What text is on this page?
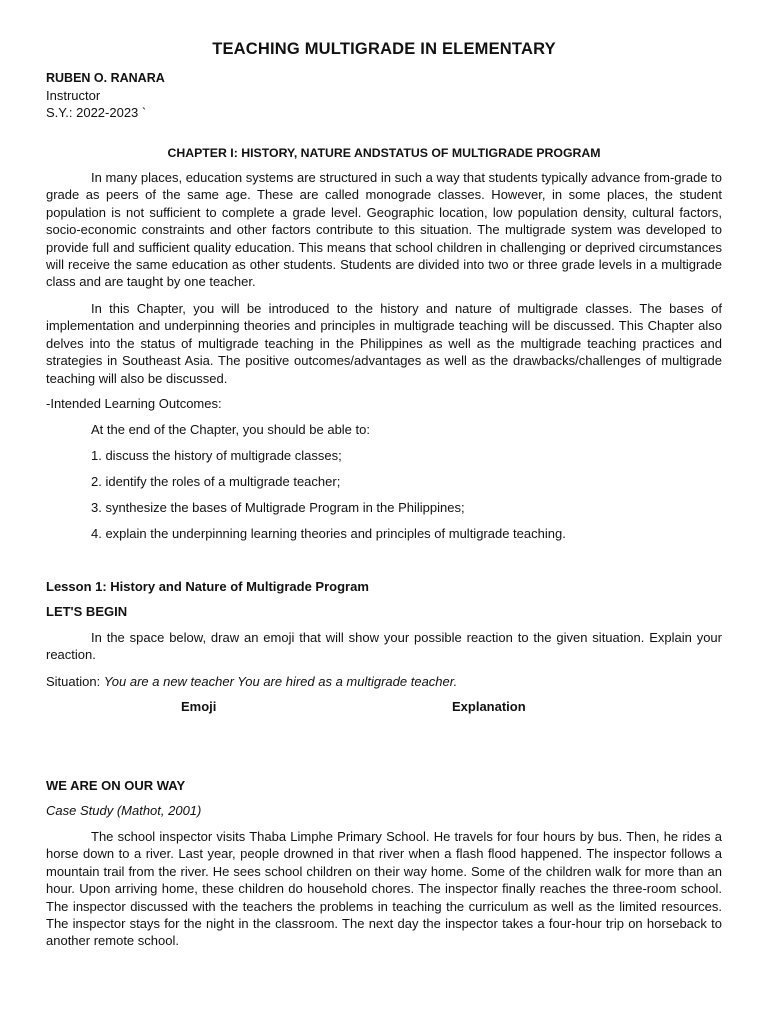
TEACHING MULTIGRADE IN ELEMENTARY
RUBEN O. RANARA
Instructor
S.Y.: 2022-2023 `
CHAPTER I: HISTORY, NATURE ANDSTATUS OF MULTIGRADE PROGRAM

In many places, education systems are structured in such a way that students typically advance from-grade to grade as peers of the same age. These are called monograde classes. However, in some places, the student population is not sufficient to complete a grade level. Geographic location, low population density, cultural factors, socio-economic constraints and other factors contribute to this situation. The multigrade system was developed to provide full and sufficient quality education. This means that school children in challenging or deprived circumstances will receive the same education as other students. Students are divided into two or three grade levels in a multigrade class and are taught by one teacher.

In this Chapter, you will be introduced to the history and nature of multigrade classes. The bases of implementation and underpinning theories and principles in multigrade teaching will be discussed. This Chapter also delves into the status of multigrade teaching in the Philippines as well as the multigrade teaching practices and strategies in Southeast Asia. The positive outcomes/advantages as well as the drawbacks/challenges of multigrade teaching will also be discussed.

-Intended Learning Outcomes:
At the end of the Chapter, you should be able to:
1. discuss the history of multigrade classes;
2. identify the roles of a multigrade teacher;
3. synthesize the bases of Multigrade Program in the Philippines;
4. explain the underpinning learning theories and principles of multigrade teaching.
Lesson 1: History and Nature of Multigrade Program
LET'S BEGIN

In the space below, draw an emoji that will show your possible reaction to the given situation. Explain your reaction.

Situation: You are a new teacher You are hired as a multigrade teacher.
Emoji	Explanation
WE ARE ON OUR WAY
Case Study (Mathot, 2001)

The school inspector visits Thaba Limphe Primary School. He travels for four hours by bus. Then, he rides a horse down to a river. Last year, people drowned in that river when a flash flood happened. The inspector follows a mountain trail from the river. He sees school children on their way home. Some of the children walk for more than an hour. Upon arriving home, these children do household chores. The inspector finally reaches the three-room school. The inspector discussed with the teachers the problems in teaching the curriculum as well as the limited resources. The inspector stays for the night in the classroom. The next day the inspector takes a four-hour trip on horseback to another remote school.
